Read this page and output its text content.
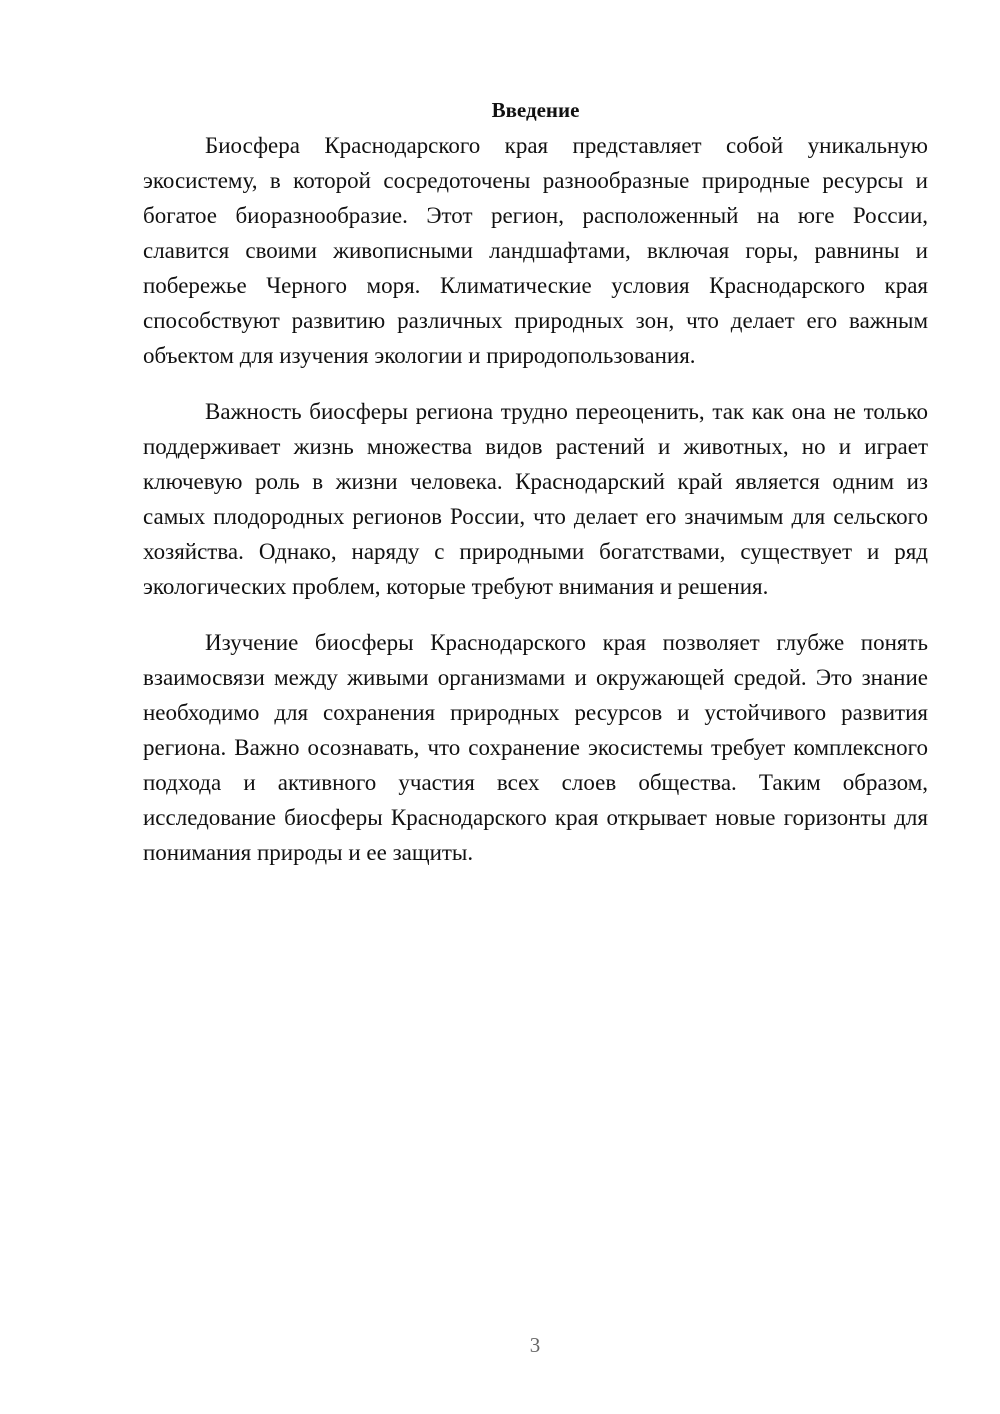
Введение

Биосфера Краснодарского края представляет собой уникальную экосистему, в которой сосредоточены разнообразные природные ресурсы и богатое биоразнообразие. Этот регион, расположенный на юге России, славится своими живописными ландшафтами, включая горы, равнины и побережье Черного моря. Климатические условия Краснодарского края способствуют развитию различных природных зон, что делает его важным объектом для изучения экологии и природопользования.

Важность биосферы региона трудно переоценить, так как она не только поддерживает жизнь множества видов растений и животных, но и играет ключевую роль в жизни человека. Краснодарский край является одним из самых плодородных регионов России, что делает его значимым для сельского хозяйства. Однако, наряду с природными богатствами, существует и ряд экологических проблем, которые требуют внимания и решения.

Изучение биосферы Краснодарского края позволяет глубже понять взаимосвязи между живыми организмами и окружающей средой. Это знание необходимо для сохранения природных ресурсов и устойчивого развития региона. Важно осознавать, что сохранение экосистемы требует комплексного подхода и активного участия всех слоев общества. Таким образом, исследование биосферы Краснодарского края открывает новые горизонты для понимания природы и ее защиты.

3
